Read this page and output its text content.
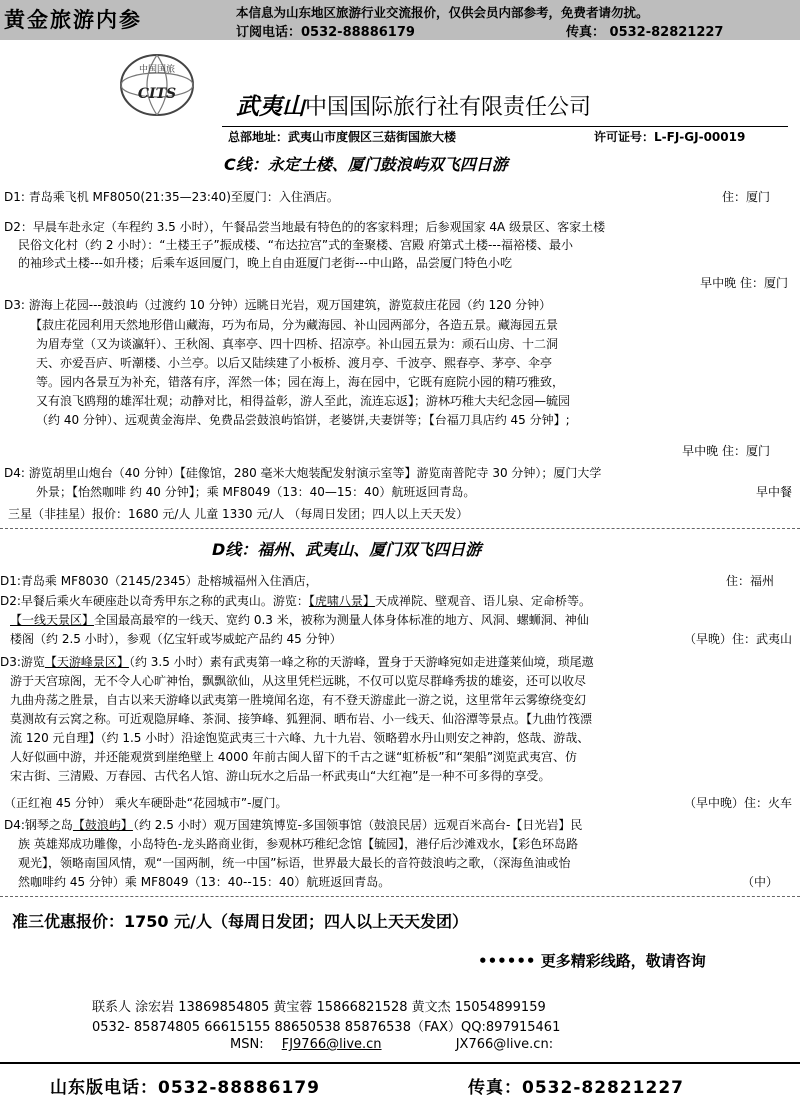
黄金旅游内参	本信息为山东地区旅游行业交流报价，仅供会员内部参考，免费者请勿扰。
订阅电话：0532-88886179	传真： 0532-82821227
中国国旅
CITS	武夷山中国国际旅行社有限责任公司
总部地址：武夷山市度假区三菇街国旅大楼	许可证号：L-FJ-GJ-00019
C线：永定土楼、厦门鼓浪屿双飞四日游
D1: 青岛乘飞机 MF8050(21:35—23:40)至厦门：入住酒店。	住：厦门
D2：早晨车赴永定（车程约 3.5 小时），午餐品尝当地最有特色的的客家料理；后参观国家 4A 级景区、客家土楼
民俗文化村（约 2 小时）：“土楼王子”振成楼、“布达拉宫”式的奎聚楼、宫殿 府第式土楼---福裕楼、最小
的袖珍式土楼---如升楼；后乘车返回厦门，晚上自由逛厦门老街---中山路，品尝厦门特色小吃
早中晚 住：厦门
D3: 游海上花园---鼓浪屿（过渡约 10 分钟）远眺日光岩，观万国建筑，游览菽庄花园（约 120 分钟）
【菽庄花园利用天然地形借山藏海，巧为布局，分为藏海园、补山园两部分，各造五景。藏海园五景
为眉寿堂（又为谈瀛轩）、王秋阁、真率亭、四十四桥、招凉亭。补山园五景为：顽石山房、十二洞
天、亦爱吾庐、听潮楼、小兰亭。以后又陆续建了小板桥、渡月亭、千波亭、熙春亭、茅亭、伞亭
等。园内各景互为补充，错落有序，浑然一体；园在海上，海在园中，它既有庭院小园的精巧雅致，
又有浪飞鸥翔的雄浑壮观；动静对比，相得益彰，游人至此，流连忘返】；游林巧稚大夫纪念园—毓园
（约 40 分钟）、远观黄金海岸、免费品尝鼓浪屿馅饼，老婆饼,夫妻饼等；【台福刀具店约 45 分钟】;
早中晚 住：厦门
D4: 游览胡里山炮台（40 分钟）【硅像馆，280 毫米大炮装配发射演示室等】游览南普陀寺 30 分钟）；厦门大学
外景；【怡然咖啡 约 40 分钟】；乘 MF8049（13：40—15：40）航班返回青岛。	早中餐
三星（非挂星）报价：1680 元/人 儿童 1330 元/人 （每周日发团；四人以上天天发）
D线：福州、武夷山、厦门双飞四日游
D1:青岛乘 MF8030（2145/2345）赴榕城福州入住酒店，	住：福州
D2:早餐后乘火车硬座赴以奇秀甲东之称的武夷山。游览：【虎啸八景】天成禅院、壁观音、语儿泉、定命桥等。
【一线天景区】全国最高最窄的一线天、宽约 0.3 米，被称为测量人体身体标准的地方、风洞、螺蛳洞、神仙
楼阁（约 2.5 小时），参观（亿宝轩或岑威蛇产品约 45 分钟）	（早晚）住：武夷山
D3:游览【天游峰景区】（约 3.5 小时）素有武夷第一峰之称的天游峰，置身于天游峰宛如走进蓬莱仙境，琐尾遨
游于天宫琼阁，无不令人心旷神怡，飘飘欲仙，从这里凭栏远眺，不仅可以览尽群峰秀拔的雄姿，还可以收尽
九曲舟荡之胜景，自古以来天游峰以武夷第一胜境闻名迩，有不登天游虚此一游之说，这里常年云雾缭绕变幻
莫测故有云窝之称。可近观隐屏峰、茶洞、接笋峰、狐狸洞、晒布岩、小一线天、仙浴潭等景点。【九曲竹筏漂
流 120 元自理】（约 1.5 小时）沿途饱览武夷三十六峰、九十九岩、领略碧水丹山则安之神韵，悠哉、游哉、
人好似画中游，并还能观赏到崖绝壁上 4000 年前古闽人留下的千古之谜“虹桥板”和“架船”浏览武夷宫、仿
宋古街、三清殿、万春园、古代名人馆、游山玩水之后品一杯武夷山“大红袍”是一种不可多得的享受。
（正红袍 45 分钟） 乘火车硬卧赴“花园城市”-厦门。	（早中晚）住：火车
D4:钢琴之岛【鼓浪屿】（约 2.5 小时）观万国建筑博览-多国领事馆（鼓浪民居）远观百米高台-【日光岩】民
族 英雄郑成功雕像，小岛特色-龙头路商业街，参观林巧稚纪念馆【毓园】，港仔后沙滩戏水，【彩色环岛路
观光】，领略南国风情，观“一国两制，统一中国”标语，世界最大最长的音符鼓浪屿之歌，（深海鱼油或怡
然咖啡约 45 分钟）乘 MF8049（13：40--15：40）航班返回青岛。	（中）
准三优惠报价：1750 元/人（每周日发团；四人以上天天发团）
•••••• 更多精彩线路，敬请咨询
联系人 涂宏岩 13869854805 黄宝蓉 15866821528 黄文杰 15054899159
0532- 85874805 66615155 88650538 85876538（FAX）QQ:897915461
MSN: FJ9766@live.cn	JX766@live.cn:
山东版电话：0532-88886179	传真：0532-82821227
